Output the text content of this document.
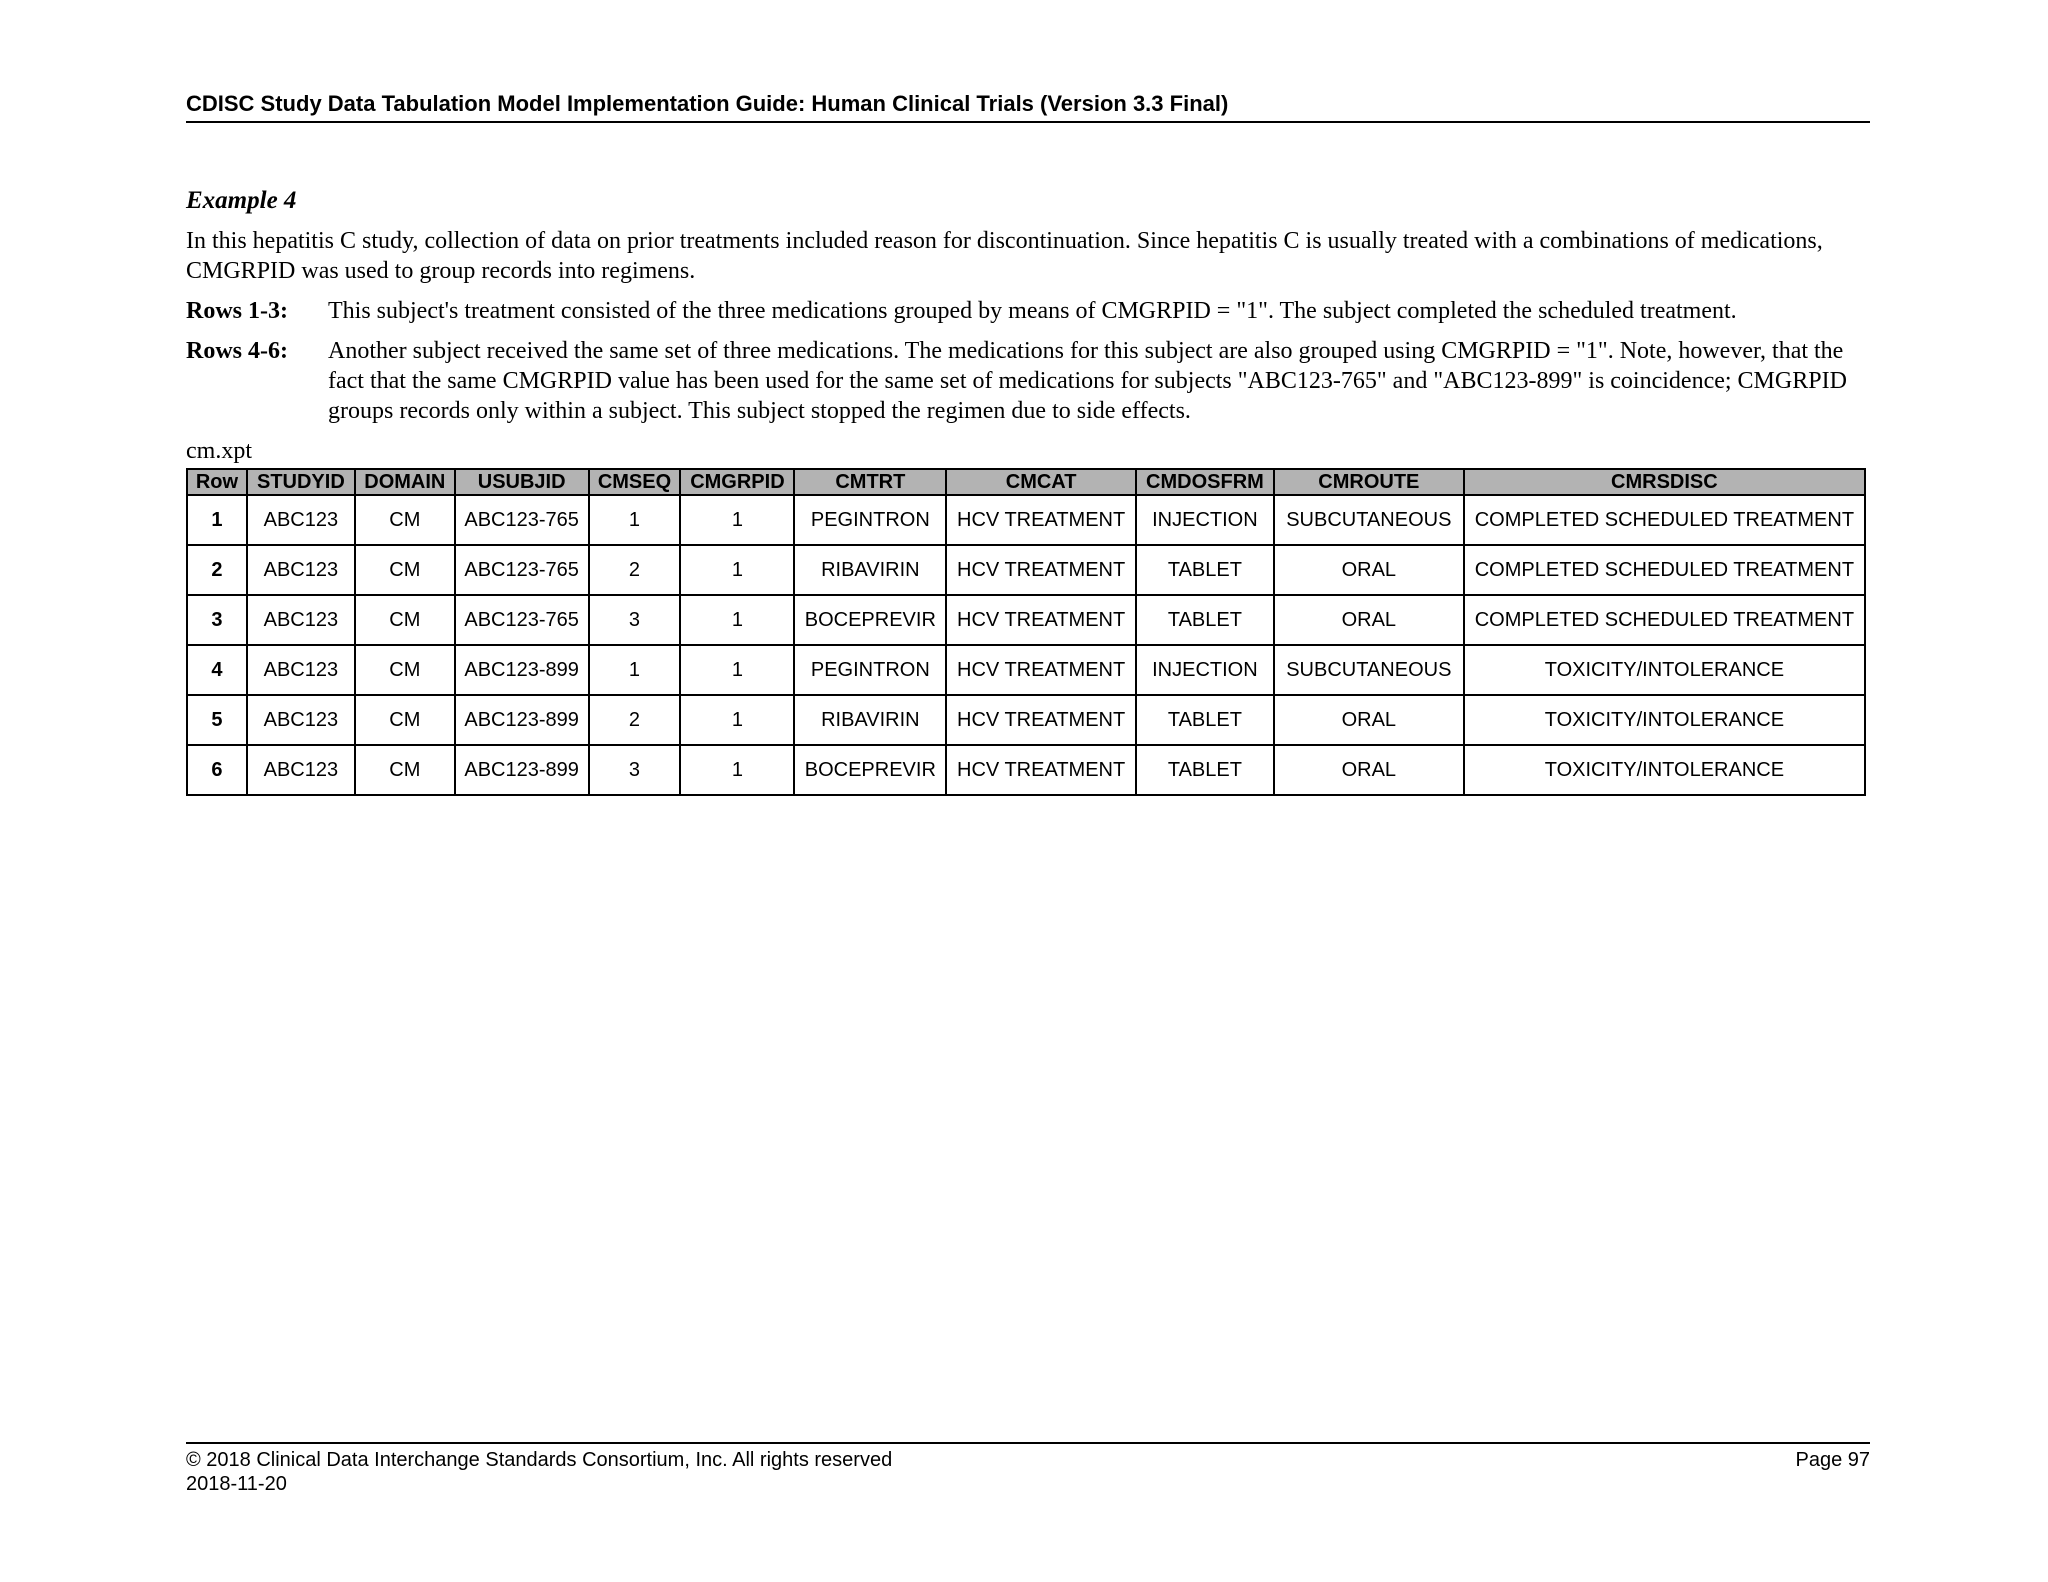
CDISC Study Data Tabulation Model Implementation Guide: Human Clinical Trials (Version 3.3 Final)
Example 4
In this hepatitis C study, collection of data on prior treatments included reason for discontinuation. Since hepatitis C is usually treated with a combinations of medications, CMGRPID was used to group records into regimens.
Rows 1-3:	This subject's treatment consisted of the three medications grouped by means of CMGRPID = "1". The subject completed the scheduled treatment.
Rows 4-6:	Another subject received the same set of three medications. The medications for this subject are also grouped using CMGRPID = "1". Note, however, that the fact that the same CMGRPID value has been used for the same set of medications for subjects "ABC123-765" and "ABC123-899" is coincidence; CMGRPID groups records only within a subject. This subject stopped the regimen due to side effects.
cm.xpt
Row	STUDYID	DOMAIN	USUBJID	CMSEQ	CMGRPID	CMTRT	CMCAT	CMDOSFRM	CMROUTE	CMRSDISC
1	ABC123	CM	ABC123-765	1	1	PEGINTRON	HCV TREATMENT	INJECTION	SUBCUTANEOUS	COMPLETED SCHEDULED TREATMENT
2	ABC123	CM	ABC123-765	2	1	RIBAVIRIN	HCV TREATMENT	TABLET	ORAL	COMPLETED SCHEDULED TREATMENT
3	ABC123	CM	ABC123-765	3	1	BOCEPREVIR	HCV TREATMENT	TABLET	ORAL	COMPLETED SCHEDULED TREATMENT
4	ABC123	CM	ABC123-899	1	1	PEGINTRON	HCV TREATMENT	INJECTION	SUBCUTANEOUS	TOXICITY/INTOLERANCE
5	ABC123	CM	ABC123-899	2	1	RIBAVIRIN	HCV TREATMENT	TABLET	ORAL	TOXICITY/INTOLERANCE
6	ABC123	CM	ABC123-899	3	1	BOCEPREVIR	HCV TREATMENT	TABLET	ORAL	TOXICITY/INTOLERANCE
© 2018 Clinical Data Interchange Standards Consortium, Inc. All rights reserved	Page 97
2018-11-20
